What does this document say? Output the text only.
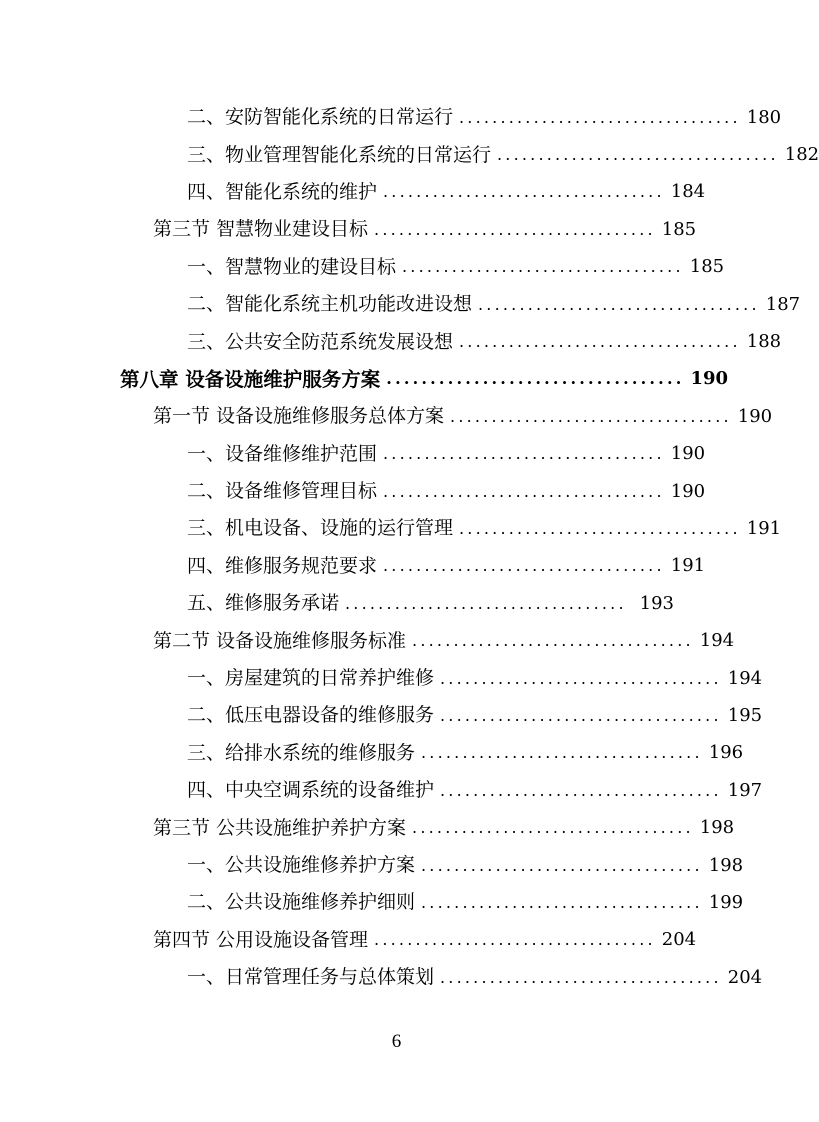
二、安防智能化系统的日常运行 .................................. 180
三、物业管理智能化系统的日常运行 .................................. 182
四、智能化系统的维护 .................................. 184
第三节 智慧物业建设目标 .................................. 185
一、智慧物业的建设目标 .................................. 185
二、智能化系统主机功能改进设想 .................................. 187
三、公共安全防范系统发展设想 .................................. 188
第八章 设备设施维护服务方案 .................................. 190
第一节 设备设施维修服务总体方案 .................................. 190
一、设备维修维护范围 .................................. 190
二、设备维修管理目标 .................................. 190
三、机电设备、设施的运行管理 .................................. 191
四、维修服务规范要求 .................................. 191
五、维修服务承诺 .................................. 193
第二节 设备设施维修服务标准 .................................. 194
一、房屋建筑的日常养护维修 .................................. 194
二、低压电器设备的维修服务 .................................. 195
三、给排水系统的维修服务 .................................. 196
四、中央空调系统的设备维护 .................................. 197
第三节 公共设施维护养护方案 .................................. 198
一、公共设施维修养护方案 .................................. 198
二、公共设施维修养护细则 .................................. 199
第四节 公用设施设备管理 .................................. 204
一、日常管理任务与总体策划 .................................. 204
6
